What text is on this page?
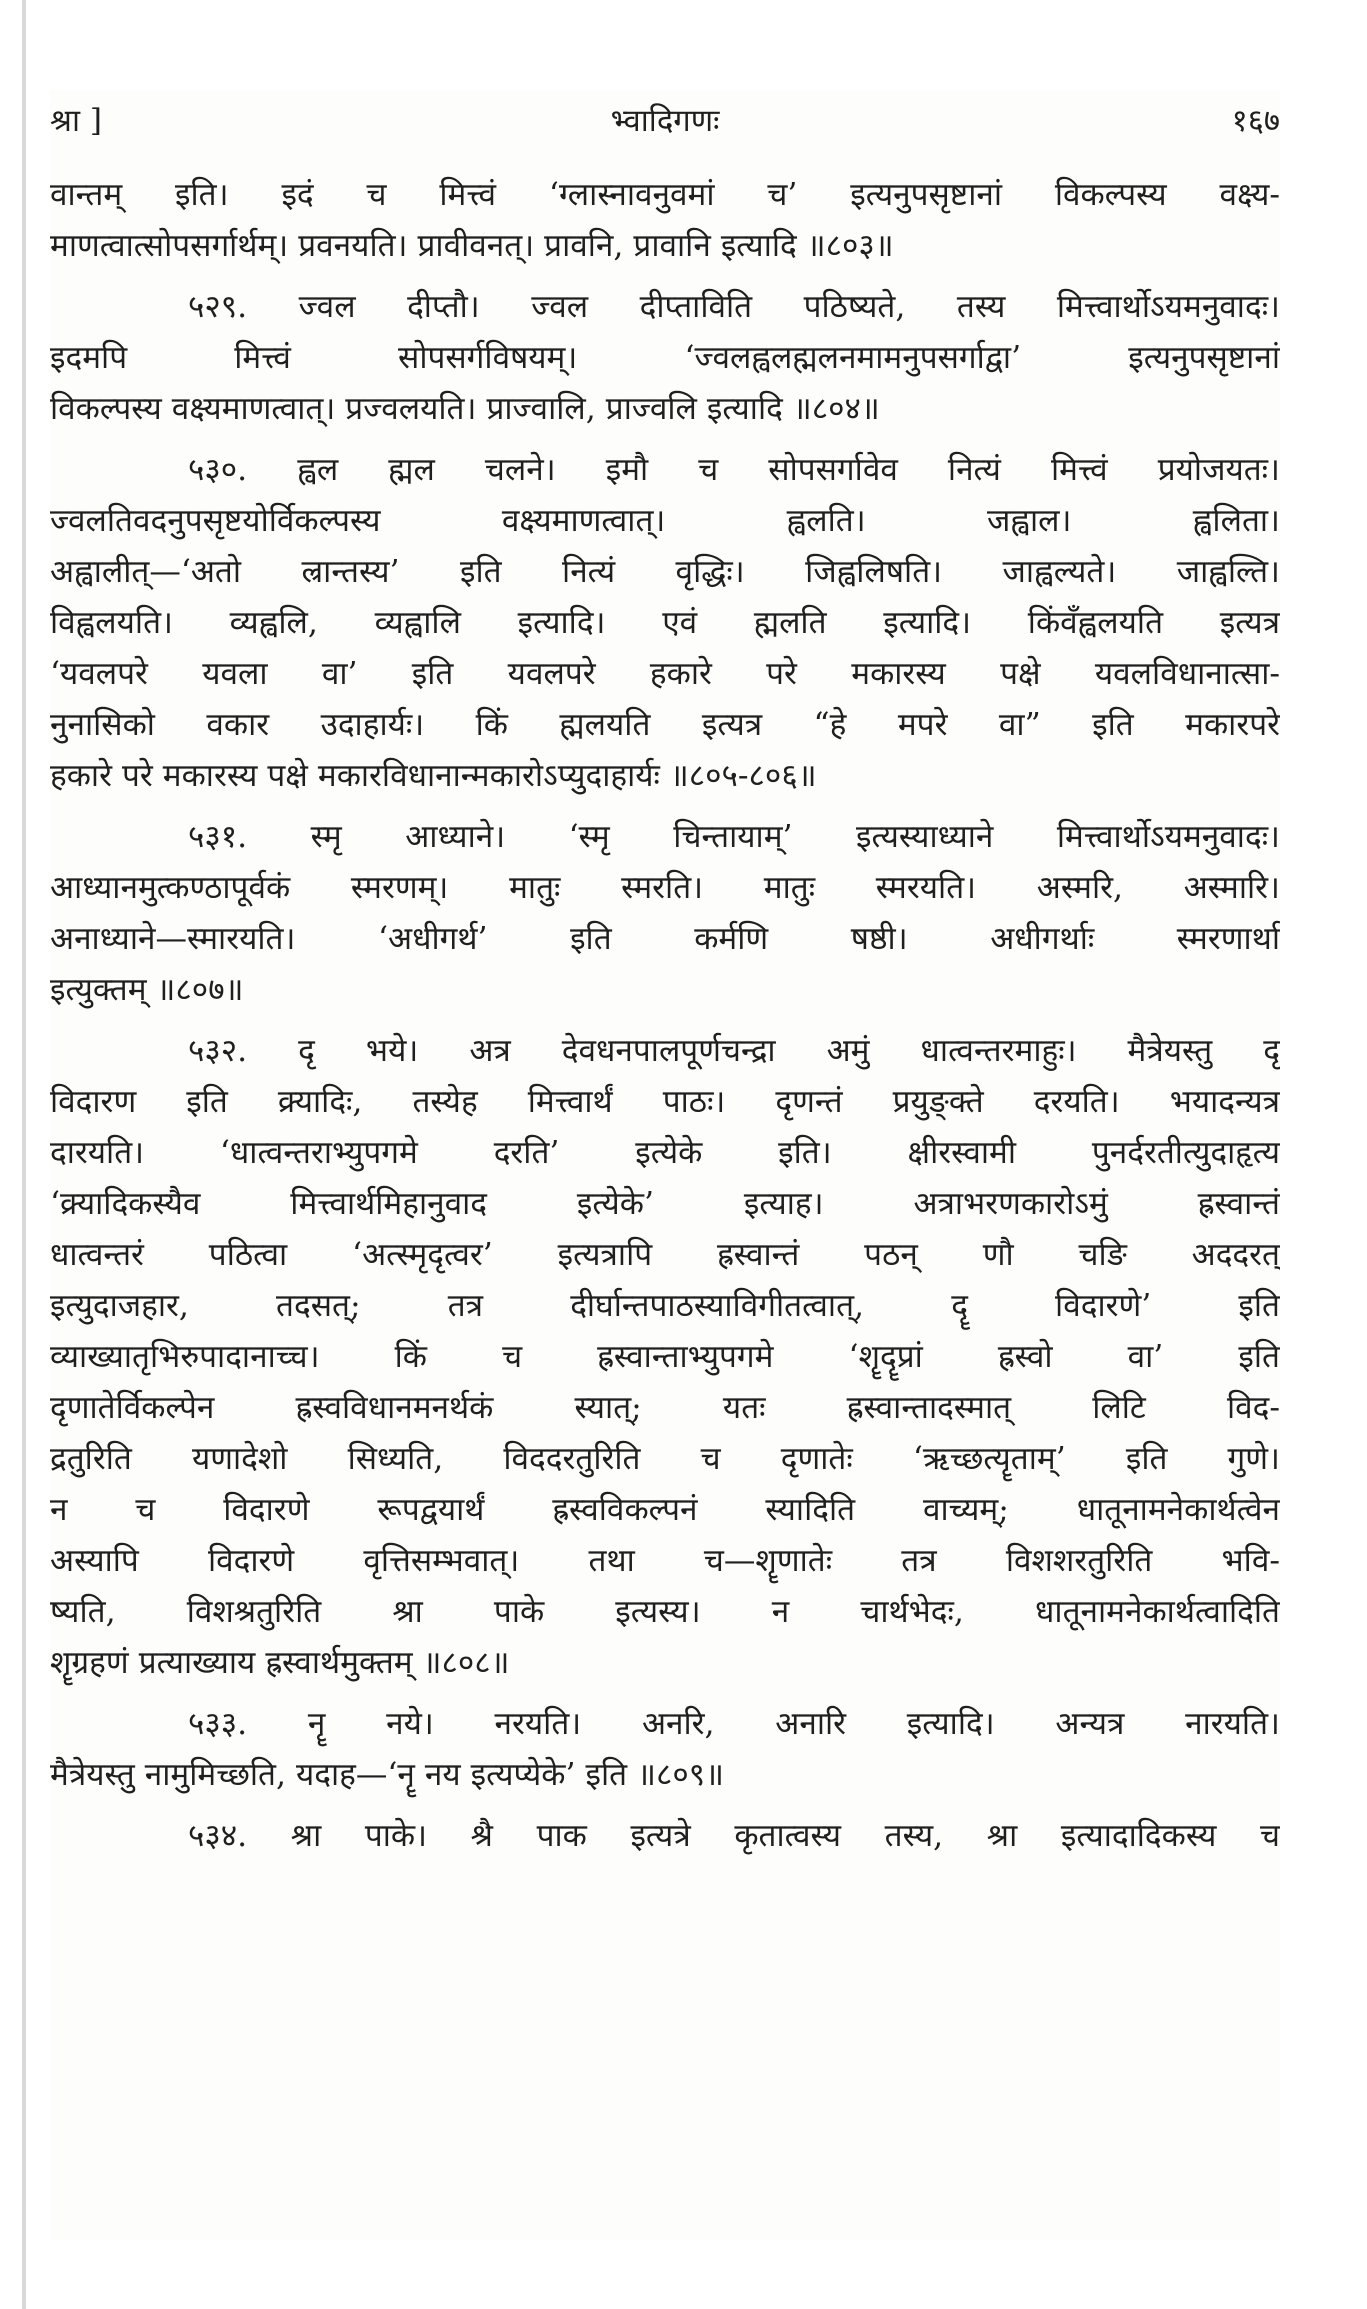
श्रा ]	भ्वादिगणः	१६७
वान्तम् इति। इदं च मित्त्वं ‘ग्लास्नावनुवमां च’ इत्यनुपसृष्टानां विकल्पस्य वक्ष्य-
माणत्वात्सोपसर्गार्थम्। प्रवनयति। प्रावीवनत्। प्रावनि, प्रावानि इत्यादि ॥८०३॥
५२९. ज्वल दीप्तौ। ज्वल दीप्ताविति पठिष्यते, तस्य मित्त्वार्थोऽयमनुवादः।
इदमपि मित्त्वं सोपसर्गविषयम्। ‘ज्वलह्वलह्मलनमामनुपसर्गाद्वा’ इत्यनुपसृष्टानां
विकल्पस्य वक्ष्यमाणत्वात्। प्रज्वलयति। प्राज्वालि, प्राज्वलि इत्यादि ॥८०४॥
५३०. ह्वल ह्मल चलने। इमौ च सोपसर्गावेव नित्यं मित्त्वं प्रयोजयतः।
ज्वलतिवदनुपसृष्टयोर्विकल्पस्य वक्ष्यमाणत्वात्। ह्वलति। जह्वाल। ह्वलिता।
अह्वालीत्—‘अतो ल्रान्तस्य’ इति नित्यं वृद्धिः। जिह्वलिषति। जाह्वल्यते। जाह्वल्ति।
विह्वलयति। व्यह्वलि, व्यह्वालि इत्यादि। एवं ह्मलति इत्यादि। किंवँह्वलयति इत्यत्र
‘यवलपरे यवला वा’ इति यवलपरे हकारे परे मकारस्य पक्षे यवलविधानात्सा-
नुनासिको वकार उदाहार्यः। किं ह्मलयति इत्यत्र “हे मपरे वा” इति मकारपरे
हकारे परे मकारस्य पक्षे मकारविधानान्मकारोऽप्युदाहार्यः ॥८०५-८०६॥
५३१. स्मृ आध्याने। ‘स्मृ चिन्तायाम्’ इत्यस्याध्याने मित्त्वार्थोऽयमनुवादः।
आध्यानमुत्कण्ठापूर्वकं स्मरणम्। मातुः स्मरति। मातुः स्मरयति। अस्मरि, अस्मारि।
अनाध्याने—स्मारयति। ‘अधीगर्थ’ इति कर्मणि षष्ठी। अधीगर्थाः स्मरणार्था
इत्युक्तम् ॥८०७॥
५३२. दृ भये। अत्र देवधनपालपूर्णचन्द्रा अमुं धात्वन्तरमाहुः। मैत्रेयस्तु दृ
विदारण इति क्र्यादिः, तस्येह मित्त्वार्थं पाठः। दृणन्तं प्रयुङ्क्ते दरयति। भयादन्यत्र
दारयति। ‘धात्वन्तराभ्युपगमे दरति’ इत्येके इति। क्षीरस्वामी पुनर्दरतीत्युदाहृत्य
‘क्र्यादिकस्यैव मित्त्वार्थमिहानुवाद इत्येके’ इत्याह। अत्राभरणकारोऽमुं ह्रस्वान्तं
धात्वन्तरं पठित्वा ‘अत्स्मृदृत्वर’ इत्यत्रापि ह्रस्वान्तं पठन् णौ चङि अददरत्
इत्युदाजहार, तदसत्; तत्र दीर्घान्तपाठस्याविगीतत्वात्, दॄ विदारणे’ इति
व्याख्यातृभिरुपादानाच्च। किं च ह्रस्वान्ताभ्युपगमे ‘शॄदॄप्रां ह्रस्वो वा’ इति
दृणातेर्विकल्पेन ह्रस्वविधानमनर्थकं स्यात्; यतः ह्रस्वान्तादस्मात् लिटि विद-
द्रतुरिति यणादेशो सिध्यति, विददरतुरिति च दृणातेः ‘ऋच्छत्यॄताम्’ इति गुणे।
न च विदारणे रूपद्वयार्थं ह्रस्वविकल्पनं स्यादिति वाच्यम्; धातूनामनेकार्थत्वेन
अस्यापि विदारणे वृत्तिसम्भवात्। तथा च—शॄणातेः तत्र विशशरतुरिति भवि-
ष्यति, विशश्रतुरिति श्रा पाके इत्यस्य। न चार्थभेदः, धातूनामनेकार्थत्वादिति
शॄग्रहणं प्रत्याख्याय ह्रस्वार्थमुक्तम् ॥८०८॥
५३३. नॄ नये। नरयति। अनरि, अनारि इत्यादि। अन्यत्र नारयति।
मैत्रेयस्तु नामुमिच्छति, यदाह—‘नॄ नय इत्यप्येके’ इति ॥८०९॥
५३४. श्रा पाके। श्रै पाक इत्यत्रे कृतात्वस्य तस्य, श्रा इत्यादादिकस्य च
